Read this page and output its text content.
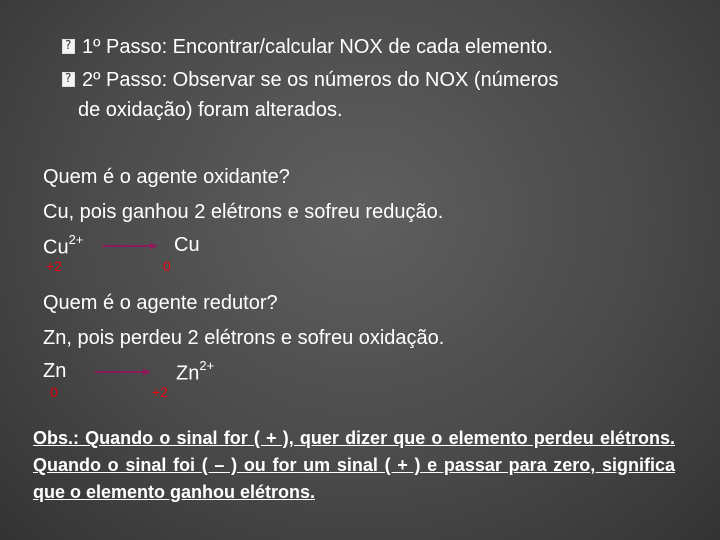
?
1º Passo: Encontrar/calcular NOX de cada elemento.
?
2º Passo: Observar se os números do NOX (números
de oxidação) foram alterados.
Quem é o agente oxidante?
Cu, pois ganhou 2 elétrons e sofreu redução.
$Cu^{2+}$	Cu
+2	0
Quem é o agente redutor?
Zn, pois perdeu 2 elétrons e sofreu oxidação.
Zn	$Zn^{2+}$
0	+2
Obs.: Quando o sinal for ( + ), quer dizer que o elemento perdeu elétrons. Quando o sinal foi ( – ) ou for um sinal ( + ) e passar para zero, significa que o elemento ganhou elétrons.
